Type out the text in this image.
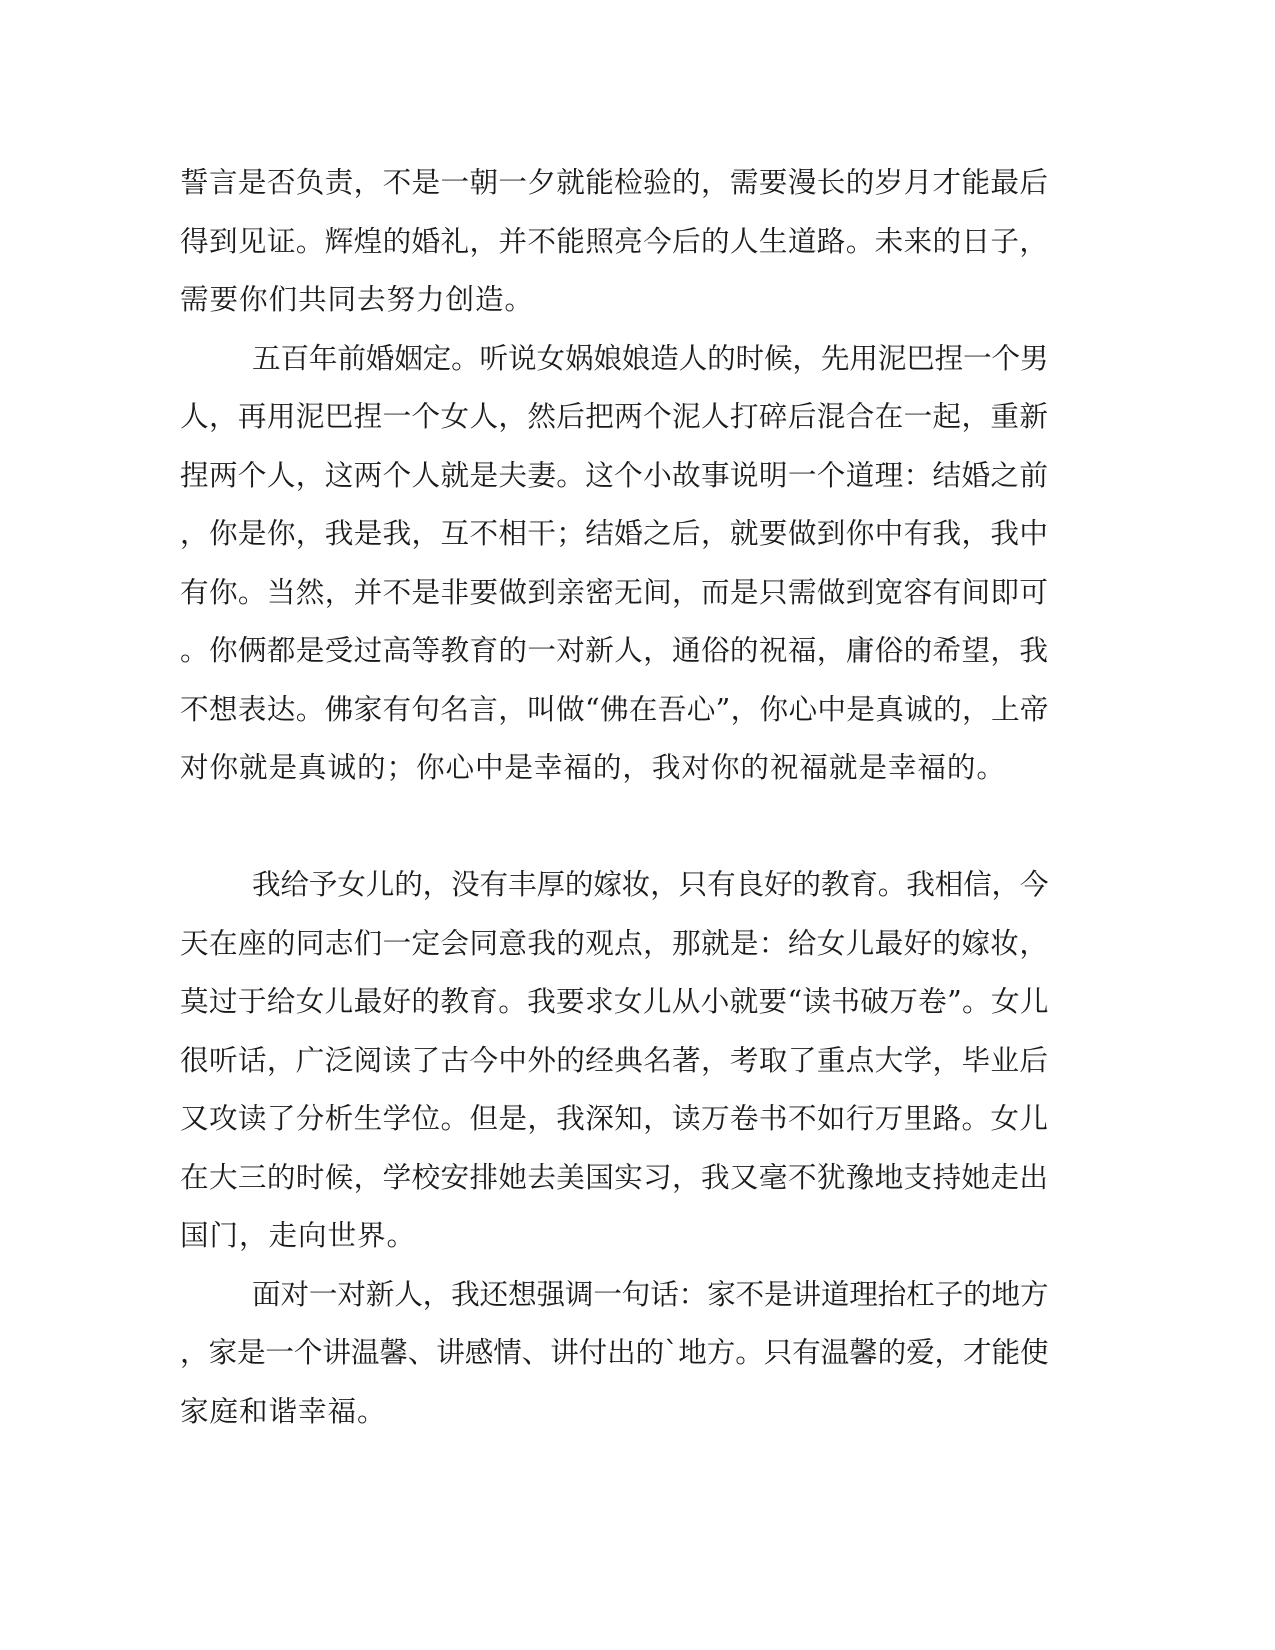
誓言是否负责，不是一朝一夕就能检验的，需要漫长的岁月才能最后
得到见证。辉煌的婚礼，并不能照亮今后的人生道路。未来的日子，
需要你们共同去努力创造。
五百年前婚姻定。听说女娲娘娘造人的时候，先用泥巴捏一个男
人，再用泥巴捏一个女人，然后把两个泥人打碎后混合在一起，重新
捏两个人，这两个人就是夫妻。这个小故事说明一个道理：结婚之前
，你是你，我是我，互不相干；结婚之后，就要做到你中有我，我中
有你。当然，并不是非要做到亲密无间，而是只需做到宽容有间即可
。你俩都是受过高等教育的一对新人，通俗的祝福，庸俗的希望，我
不想表达。佛家有句名言，叫做“佛在吾心”，你心中是真诚的，上帝
对你就是真诚的；你心中是幸福的，我对你的祝福就是幸福的。
我给予女儿的，没有丰厚的嫁妆，只有良好的教育。我相信，今
天在座的同志们一定会同意我的观点，那就是：给女儿最好的嫁妆，
莫过于给女儿最好的教育。我要求女儿从小就要“读书破万卷”。女儿
很听话，广泛阅读了古今中外的经典名著，考取了重点大学，毕业后
又攻读了分析生学位。但是，我深知，读万卷书不如行万里路。女儿
在大三的时候，学校安排她去美国实习，我又毫不犹豫地支持她走出
国门，走向世界。
面对一对新人，我还想强调一句话：家不是讲道理抬杠子的地方
，家是一个讲温馨、讲感情、讲付出的`地方。只有温馨的爱，才能使
家庭和谐幸福。
